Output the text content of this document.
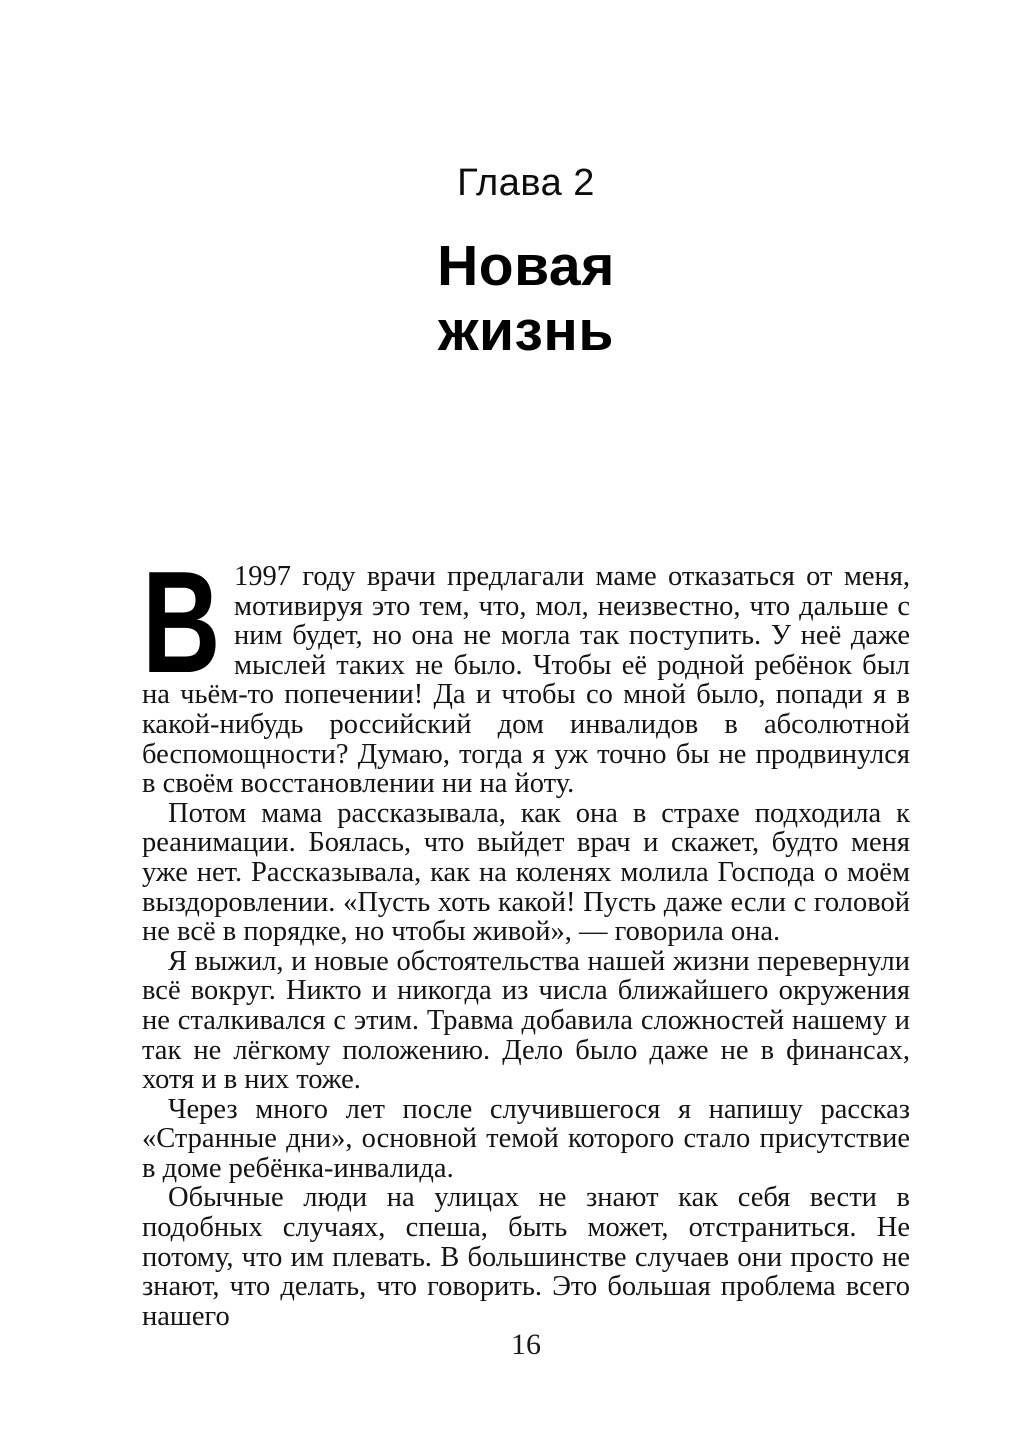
Глава 2
Новая
жизнь

В 1997 году врачи предлагали маме отказаться от меня, мотивируя это тем, что, мол, неизвестно, что дальше с ним будет, но она не могла так поступить. У неё даже мыслей таких не было. Чтобы её родной ребёнок был на чьём-то попечении! Да и чтобы со мной было, попади я в какой-нибудь российский дом инвалидов в абсолютной беспомощности? Думаю, тогда я уж точно бы не продвинулся в своём восстановлении ни на йоту.

Потом мама рассказывала, как она в страхе подходила к реанимации. Боялась, что выйдет врач и скажет, будто меня уже нет. Рассказывала, как на коленях молила Господа о моём выздоровлении. «Пусть хоть какой! Пусть даже если с головой не всё в порядке, но чтобы живой», — говорила она.

Я выжил, и новые обстоятельства нашей жизни перевернули всё вокруг. Никто и никогда из числа ближайшего окружения не сталкивался с этим. Травма добавила сложностей нашему и так не лёгкому положению. Дело было даже не в финансах, хотя и в них тоже.

Через много лет после случившегося я напишу рассказ «Странные дни», основной темой которого стало присутствие в доме ребёнка-инвалида.

Обычные люди на улицах не знают как себя вести в подобных случаях, спеша, быть может, отстраниться. Не потому, что им плевать. В большинстве случаев они просто не знают, что делать, что говорить. Это большая проблема всего нашего

16
